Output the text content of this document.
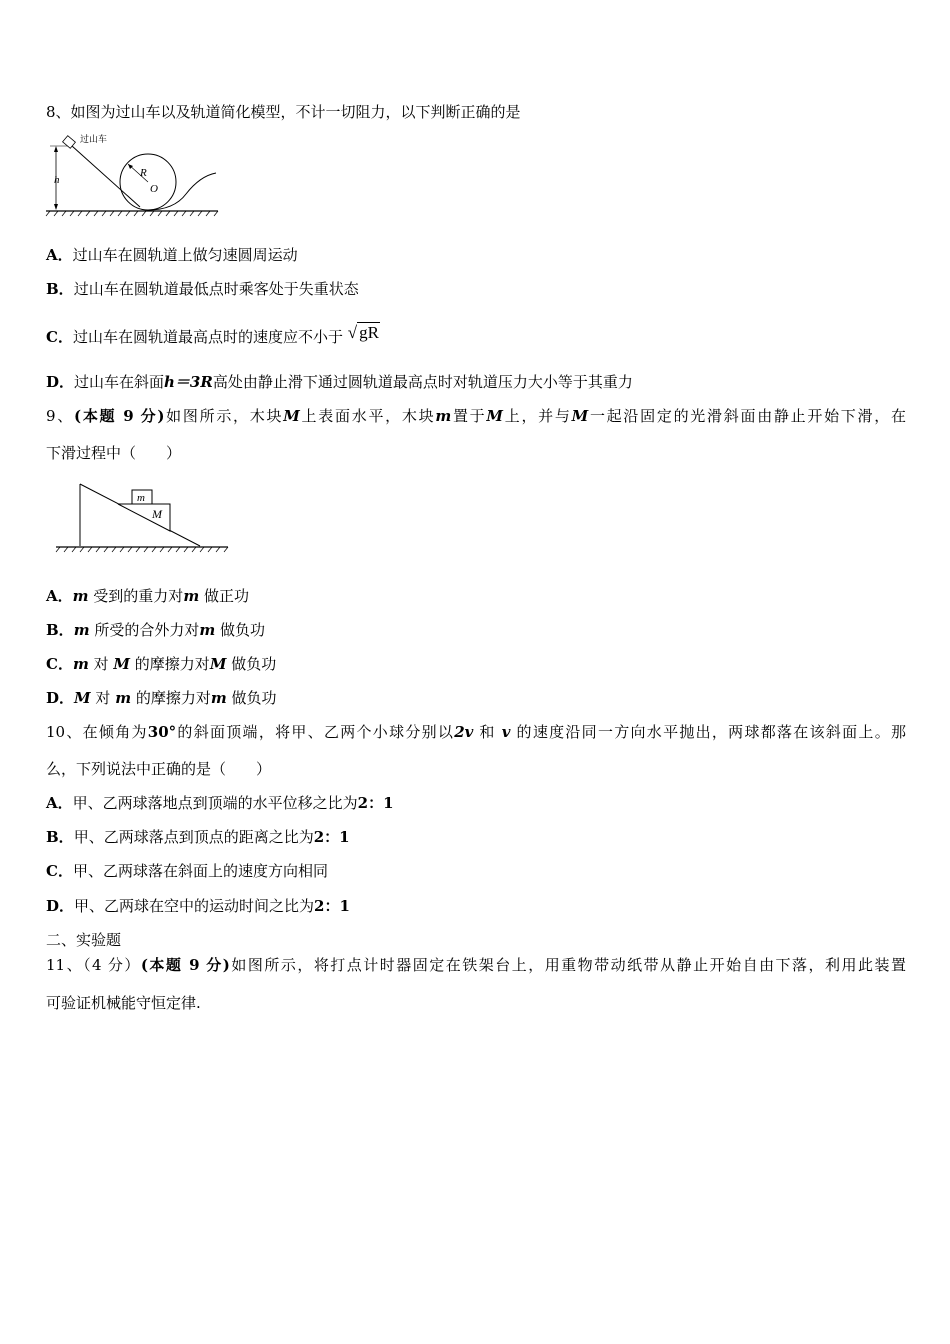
8、如图为过山车以及轨道简化模型，不计一切阻力，以下判断正确的是
h
过山车
R
O
A．过山车在圆轨道上做匀速圆周运动
B．过山车在圆轨道最低点时乘客处于失重状态
C．过山车在圆轨道最高点时的速度应不小于 √ gR
D．过山车在斜面h＝3R高处由静止滑下通过圆轨道最高点时对轨道压力大小等于其重力
9、(本题 9 分)如图所示，木块M上表面水平，木块m置于M上，并与M一起沿固定的光滑斜面由静止开始下滑，在
下滑过程中（　　）
m
M
A．m 受到的重力对m 做正功
B．m 所受的合外力对m 做负功
C．m 对 M 的摩擦力对M 做负功
D．M 对 m 的摩擦力对m 做负功
10、在倾角为30°的斜面顶端，将甲、乙两个小球分别以2v 和 v 的速度沿同一方向水平抛出，两球都落在该斜面上。那
么，下列说法中正确的是（　　）
A．甲、乙两球落地点到顶端的水平位移之比为2：1
B．甲、乙两球落点到顶点的距离之比为2：1
C．甲、乙两球落在斜面上的速度方向相同
D．甲、乙两球在空中的运动时间之比为2：1
二、实验题
11、（4 分）(本题 9 分)如图所示，将打点计时器固定在铁架台上，用重物带动纸带从静止开始自由下落，利用此装置
可验证机械能守恒定律.
